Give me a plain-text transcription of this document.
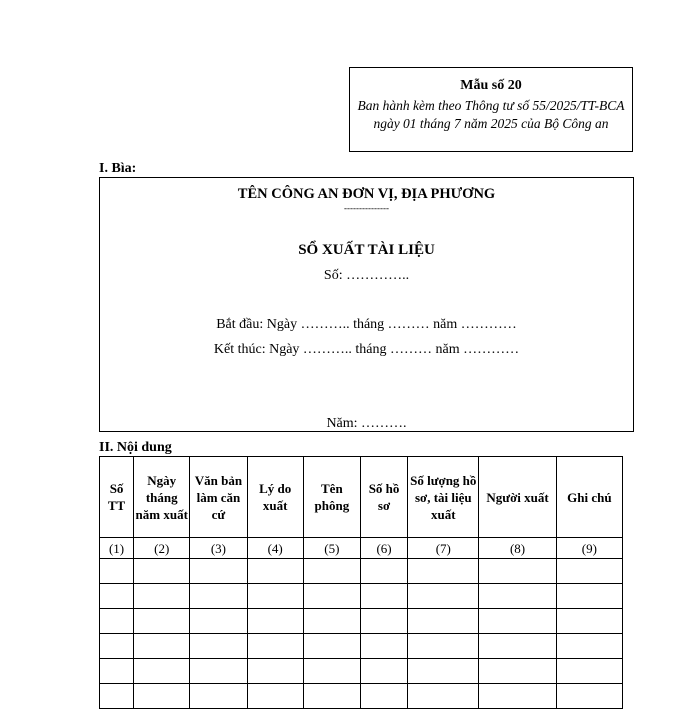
Mẫu số 20
Ban hành kèm theo Thông tư số 55/2025/TT-BCA ngày 01 tháng 7 năm 2025 của Bộ Công an
I. Bìa:
TÊN CÔNG AN ĐƠN VỊ, ĐỊA PHƯƠNG
---------------
SỔ XUẤT TÀI LIỆU
Số: …………..
Bắt đầu: Ngày ……….. tháng ……… năm …………
Kết thúc: Ngày ……….. tháng ……… năm …………
Năm: ……….
II. Nội dung
Số TT	Ngày tháng năm xuất	Văn bản làm căn cứ	Lý do xuất	Tên phông	Số hồ sơ	Số lượng hồ sơ, tài liệu xuất	Người xuất	Ghi chú
(1)	(2)	(3)	(4)	(5)	(6)	(7)	(8)	(9)
